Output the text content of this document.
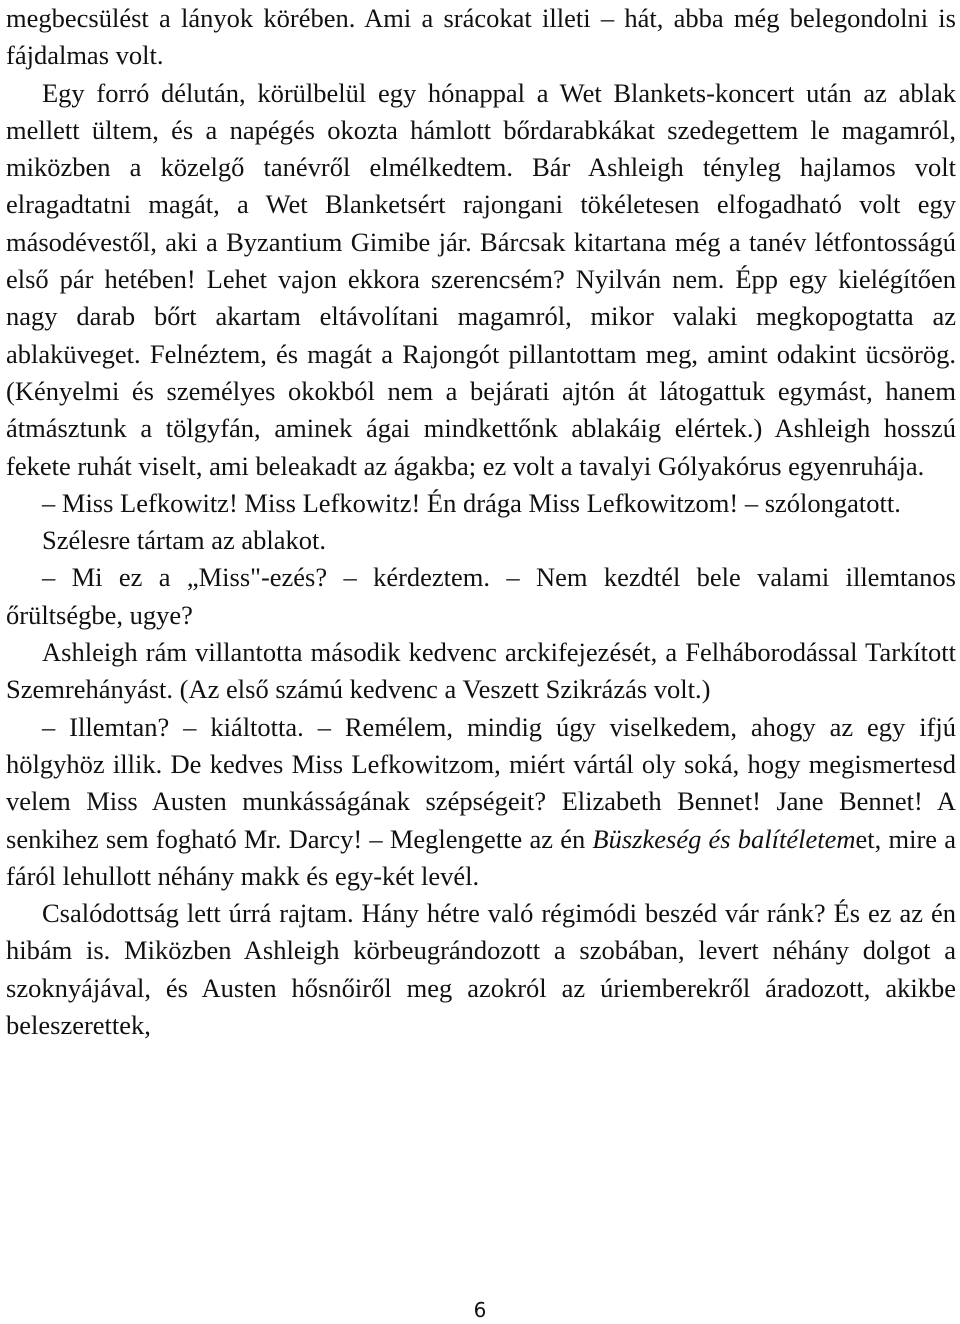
megbecsülést a lányok körében. Ami a srácokat illeti – hát, abba még belegondolni is fájdalmas volt.

Egy forró délután, körülbelül egy hónappal a Wet Blankets-koncert után az ablak mellett ültem, és a napégés okozta hámlott bőrdarabkákat szedegettem le magamról, miközben a közelgő tanévről elmélkedtem. Bár Ashleigh tényleg hajlamos volt elragadtatni magát, a Wet Blanketsért rajongani tökéletesen elfogadható volt egy másodévestől, aki a Byzantium Gimibe jár. Bárcsak kitartana még a tanév létfontosságú első pár hetében! Lehet vajon ekkora szerencsém? Nyilván nem. Épp egy kielégítően nagy darab bőrt akartam eltávolítani magamról, mikor valaki megkopogtatta az ablaküveget. Felnéztem, és magát a Rajongót pillantottam meg, amint odakint ücsörög. (Kényelmi és személyes okokból nem a bejárati ajtón át látogattuk egymást, hanem átmásztunk a tölgyfán, aminek ágai mindkettőnk ablakáig elértek.) Ashleigh hosszú fekete ruhát viselt, ami beleakadt az ágakba; ez volt a tavalyi Gólyakórus egyenruhája.

– Miss Lefkowitz! Miss Lefkowitz! Én drága Miss Lefkowitzom! – szólongatott.

Szélesre tártam az ablakot.

– Mi ez a „Miss"-ezés? – kérdeztem. – Nem kezdtél bele valami illemtanos őrültségbe, ugye?

Ashleigh rám villantotta második kedvenc arckifejezését, a Felháborodással Tarkított Szemrehányást. (Az első számú kedvenc a Veszett Szikrázás volt.)

– Illemtan? – kiáltotta. – Remélem, mindig úgy viselkedem, ahogy az egy ifjú hölgyhöz illik. De kedves Miss Lefkowitzom, miért vártál oly soká, hogy megismertesd velem Miss Austen munkásságának szépségeit? Elizabeth Bennet! Jane Bennet! A senkihez sem fogható Mr. Darcy! – Meglengette az én Büszkeség és balítéletemet, mire a fáról lehullott néhány makk és egy-két levél.

Csalódottság lett úrrá rajtam. Hány hétre való régimódi beszéd vár ránk? És ez az én hibám is. Miközben Ashleigh körbeugrándozott a szobában, levert néhány dolgot a szoknyájával, és Austen hősnőiről meg azokról az úriemberekről áradozott, akikbe beleszerettek,

6
